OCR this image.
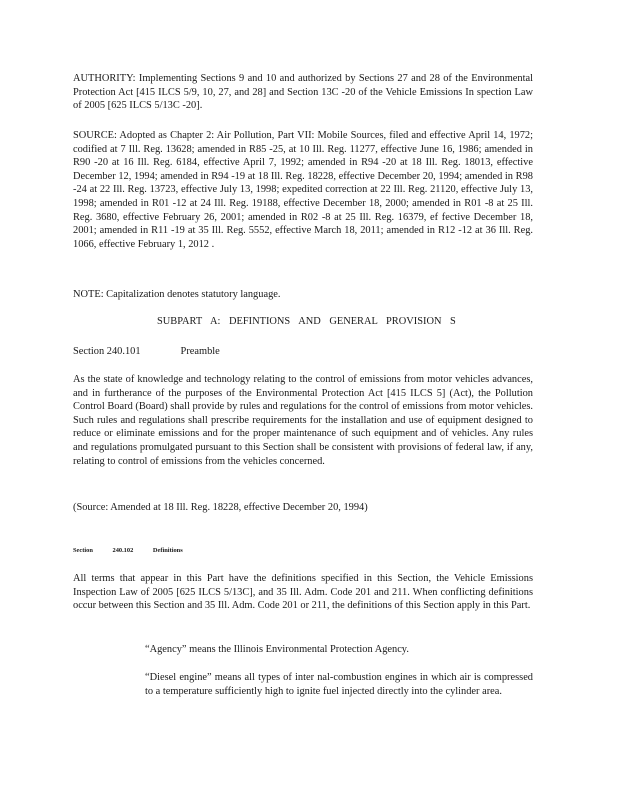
AUTHORITY: Implementing Sections 9 and 10 and authorized by Sections 27 and 28 of the Environmental Protection Act [415 ILCS 5/9, 10, 27, and 28] and Section 13C -20 of the Vehicle Emissions In spection Law of 2005 [625 ILCS 5/13C -20].

SOURCE: Adopted as Chapter 2: Air Pollution, Part VII: Mobile Sources, filed and effective April 14, 1972; codified at 7 Ill. Reg. 13628; amended in R85 -25, at 10 Ill. Reg. 11277, effective June 16, 1986; amended in R90 -20 at 16 Ill. Reg. 6184, effective April 7, 1992; amended in R94 -20 at 18 Ill. Reg. 18013, effective December 12, 1994; amended in R94 -19 at 18 Ill. Reg. 18228, effective December 20, 1994; amended in R98 -24 at 22 Ill. Reg. 13723, effective July 13, 1998; expedited correction at 22 Ill. Reg. 21120, effective July 13, 1998; amended in R01 -12 at 24 Ill. Reg. 19188, effective December 18, 2000; amended in R01 -8 at 25 Ill. Reg. 3680, effective February 26, 2001; amended in R02 -8 at 25 Ill. Reg. 16379, ef fective December 18, 2001; amended in R11 -19 at 35 Ill. Reg. 5552, effective March 18, 2011; amended in R12 -12 at 36 Ill. Reg. 1066, effective February 1, 2012 .

NOTE: Capitalization denotes statutory language.

SUBPART A: DEFINTIONS AND GENERAL PROVISION S
Section 240.101	Preamble

As the state of knowledge and technology relating to the control of emissions from motor vehicles advances, and in furtherance of the purposes of the Environmental Protection Act [415 ILCS 5] (Act), the Pollution Control Board (Board) shall provide by rules and regulations for the control of emissions from motor vehicles. Such rules and regulations shall prescribe requirements for the installation and use of equipment designed to reduce or eliminate emissions and for the proper maintenance of such equipment and of vehicles. Any rules and regulations promulgated pursuant to this Section shall be consistent with provisions of federal law, if any, relating to control of emissions from the vehicles concerned.

(Source: Amended at 18 Ill. Reg. 18228, effective December 20, 1994)

Section	240.102	Definitions

All terms that appear in this Part have the definitions specified in this Section, the Vehicle Emissions Inspection Law of 2005 [625 ILCS 5/13C], and 35 Ill. Adm. Code 201 and 211. When conflicting definitions occur between this Section and 35 Ill. Adm. Code 201 or 211, the definitions of this Section apply in this Part.

“Agency” means the Illinois Environmental Protection Agency.

“Diesel engine” means all types of inter nal-combustion engines in which air is compressed to a temperature sufficiently high to ignite fuel injected directly into the cylinder area.
